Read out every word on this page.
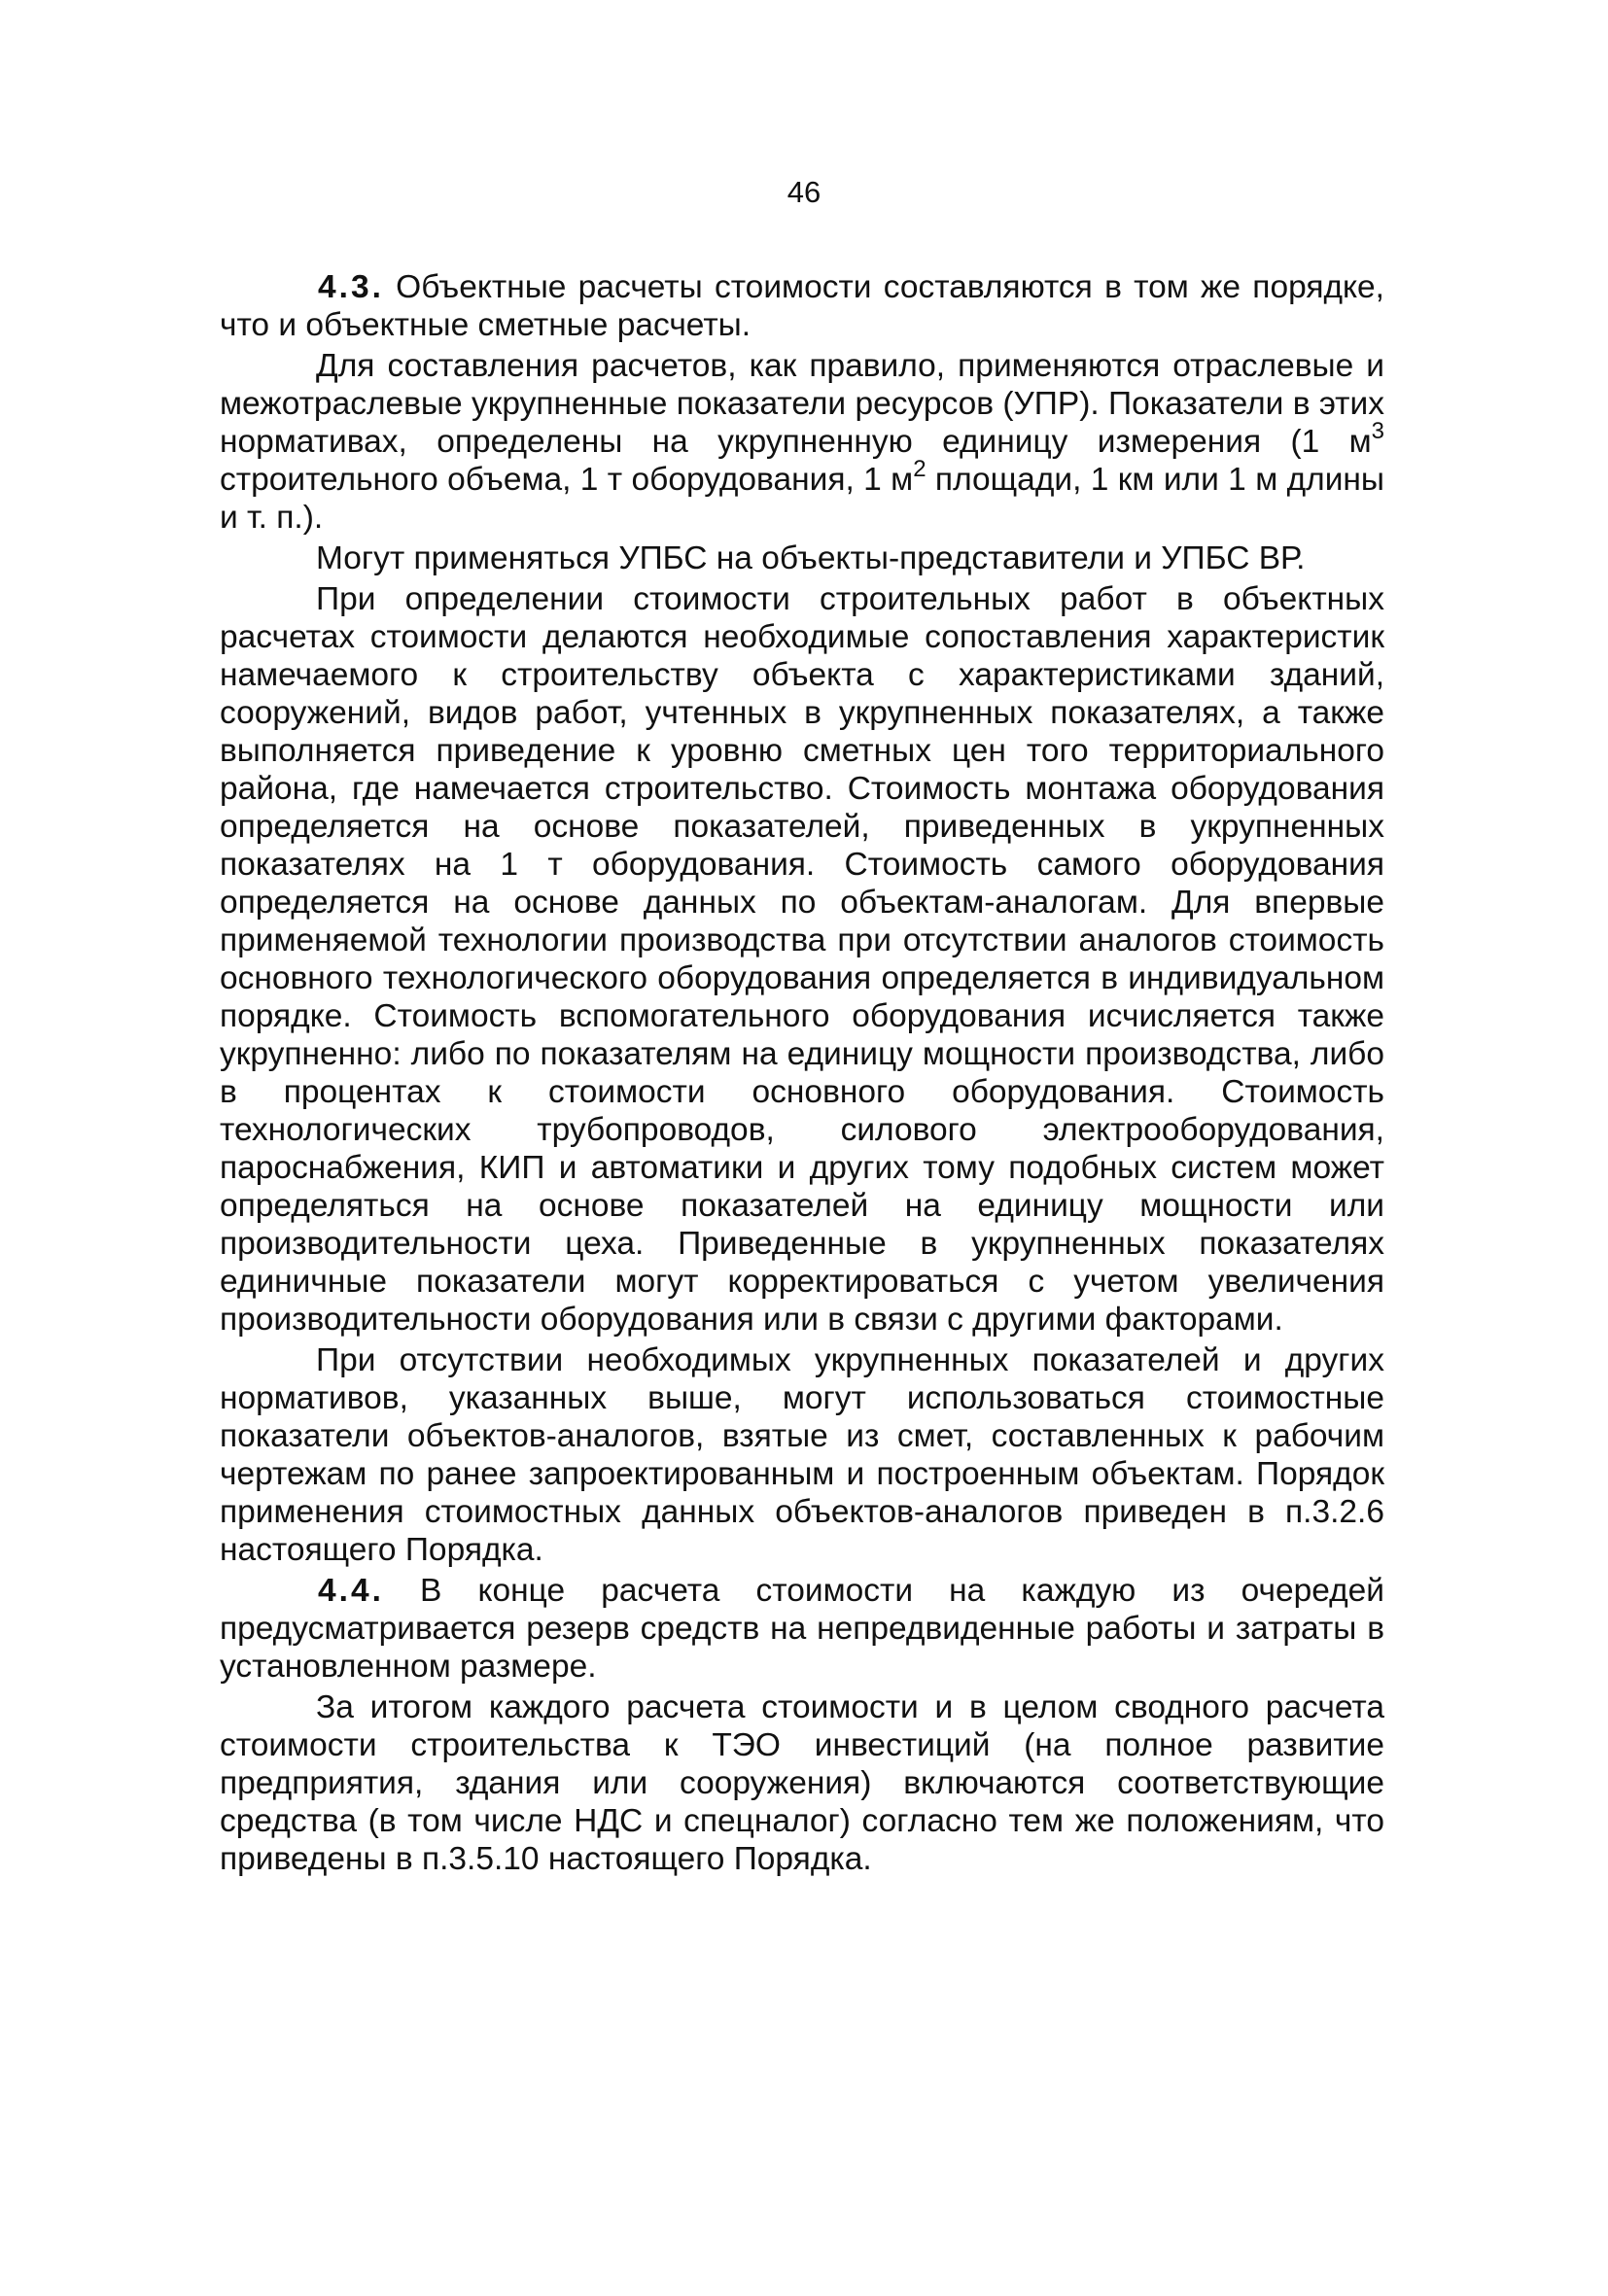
46

4.3. Объектные расчеты стоимости составляются в том же порядке, что и объектные сметные расчеты.

Для составления расчетов, как правило, применяются отраслевые и межотраслевые укрупненные показатели ресурсов (УПР). Показатели в этих нормативах, определены на укрупненную единицу измерения (1 $м^3$ строительного объема, 1 т оборудования, 1 $м^2$ площади, 1 км или 1 м длины и т. п.).

Могут применяться УПБС на объекты-представители и УПБС ВР.

При определении стоимости строительных работ в объектных расчетах стоимости делаются необходимые сопоставления характеристик намечаемого к строительству объекта с характеристиками зданий, сооружений, видов работ, учтенных в укрупненных показателях, а также выполняется приведение к уровню сметных цен того территориального района, где намечается строительство. Стоимость монтажа оборудования определяется на основе показателей, приведенных в укрупненных показателях на 1 т оборудования. Стоимость самого оборудования определяется на основе данных по объектам-аналогам. Для впервые применяемой технологии производства при отсутствии аналогов стоимость основного технологического оборудования определяется в индивидуальном порядке. Стоимость вспомогательного оборудования исчисляется также укрупненно: либо по показателям на единицу мощности производства, либо в процентах к стоимости основного оборудования. Стоимость технологических трубопроводов, силового электрооборудования, пароснабжения, КИП и автоматики и других тому подобных систем может определяться на основе показателей на единицу мощности или производительности цеха. Приведенные в укрупненных показателях единичные показатели могут корректироваться с учетом увеличения производительности оборудования или в связи с другими факторами.

При отсутствии необходимых укрупненных показателей и других нормативов, указанных выше, могут использоваться стоимостные показатели объектов-аналогов, взятые из смет, составленных к рабочим чертежам по ранее запроектированным и построенным объектам. Порядок применения стоимостных данных объектов-аналогов приведен в п.3.2.6 настоящего Порядка.

4.4. В конце расчета стоимости на каждую из очередей предусматривается резерв средств на непредвиденные работы и затраты в установленном размере.

За итогом каждого расчета стоимости и в целом сводного расчета стоимости строительства к ТЭО инвестиций (на полное развитие предприятия, здания или сооружения) включаются соответствующие средства (в том числе НДС и спецналог) согласно тем же положениям, что приведены в п.3.5.10 настоящего Порядка.
